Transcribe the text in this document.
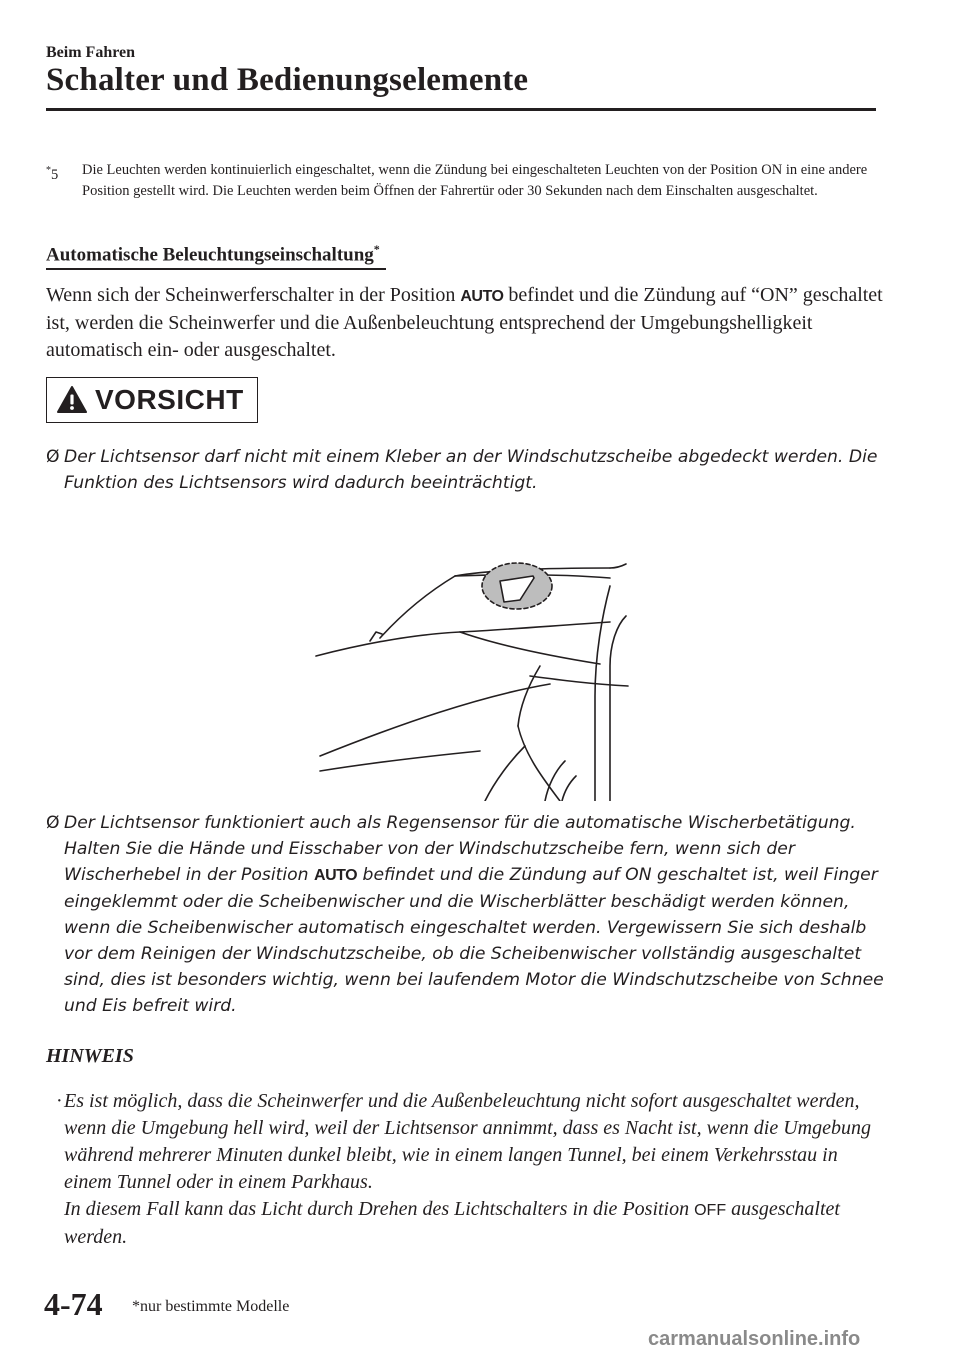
Beim Fahren
Schalter und Bedienungselemente
*5 Die Leuchten werden kontinuierlich eingeschaltet, wenn die Zündung bei eingeschalteten Leuchten von der Position ON in eine andere Position gestellt wird. Die Leuchten werden beim Öffnen der Fahrertür oder 30 Sekunden nach dem Einschalten ausgeschaltet.
Automatische Beleuchtungseinschaltung*
Wenn sich der Scheinwerferschalter in der Position AUTO befindet und die Zündung auf “ON” geschaltet ist, werden die Scheinwerfer und die Außenbeleuchtung entsprechend der Umgebungshelligkeit automatisch ein- oder ausgeschaltet.
VORSICHT
Ø Der Lichtsensor darf nicht mit einem Kleber an der Windschutzscheibe abgedeckt werden. Die Funktion des Lichtsensors wird dadurch beeinträchtigt.
Ø Der Lichtsensor funktioniert auch als Regensensor für die automatische Wischerbetätigung. Halten Sie die Hände und Eisschaber von der Windschutzscheibe fern, wenn sich der Wischerhebel in der Position AUTO befindet und die Zündung auf ON geschaltet ist, weil Finger eingeklemmt oder die Scheibenwischer und die Wischerblätter beschädigt werden können, wenn die Scheibenwischer automatisch eingeschaltet werden. Vergewissern Sie sich deshalb vor dem Reinigen der Windschutzscheibe, ob die Scheibenwischer vollständig ausgeschaltet sind, dies ist besonders wichtig, wenn bei laufendem Motor die Windschutzscheibe von Schnee und Eis befreit wird.
HINWEIS
· Es ist möglich, dass die Scheinwerfer und die Außenbeleuchtung nicht sofort ausgeschaltet werden, wenn die Umgebung hell wird, weil der Lichtsensor annimmt, dass es Nacht ist, wenn die Umgebung während mehrerer Minuten dunkel bleibt, wie in einem langen Tunnel, bei einem Verkehrsstau in einem Tunnel oder in einem Parkhaus.
In diesem Fall kann das Licht durch Drehen des Lichtschalters in die Position OFF ausgeschaltet werden.
4-74 *nur bestimmte Modelle
carmanualsonline.info
